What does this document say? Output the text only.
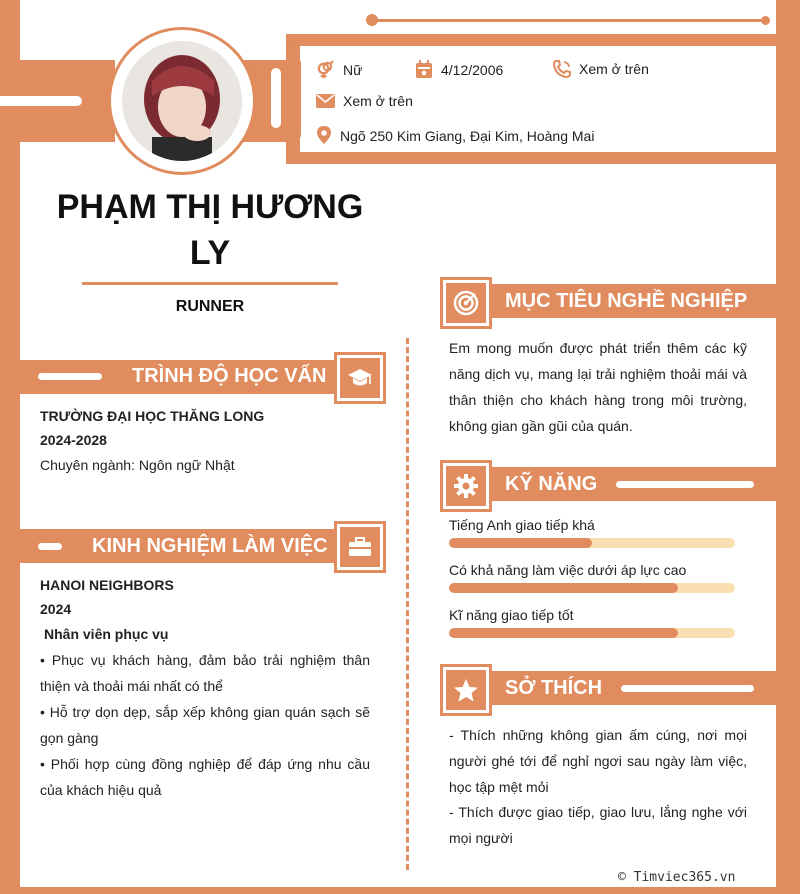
Nữ	4/12/2006	Xem ở trên
Xem ở trên
Ngõ 250 Kim Giang, Đại Kim, Hoàng Mai
PHẠM THỊ HƯƠNG LY
RUNNER
TRÌNH ĐỘ HỌC VẤN
TRƯỜNG ĐẠI HỌC THĂNG LONG
2024-2028
Chuyên ngành: Ngôn ngữ Nhật
KINH NGHIỆM LÀM VIỆC
HANOI NEIGHBORS
2024
Nhân viên phục vụ
• Phục vụ khách hàng, đảm bảo trải nghiệm thân thiện và thoải mái nhất có thể
• Hỗ trợ dọn dẹp, sắp xếp không gian quán sạch sẽ gọn gàng
• Phối hợp cùng đồng nghiệp để đáp ứng nhu cầu của khách hiệu quả
MỤC TIÊU NGHỀ NGHIỆP
Em mong muốn được phát triển thêm các kỹ năng dịch vụ, mang lại trải nghiệm thoải mái và thân thiện cho khách hàng trong môi trường, không gian gần gũi của quán.
KỸ NĂNG
Tiếng Anh giao tiếp khá
Có khả năng làm việc dưới áp lực cao
Kĩ năng giao tiếp tốt
SỞ THÍCH
- Thích những không gian ấm cúng, nơi mọi người ghé tới để nghỉ ngơi sau ngày làm việc, học tập mệt mỏi
- Thích được giao tiếp, giao lưu, lắng nghe với mọi người
© Timviec365.vn
